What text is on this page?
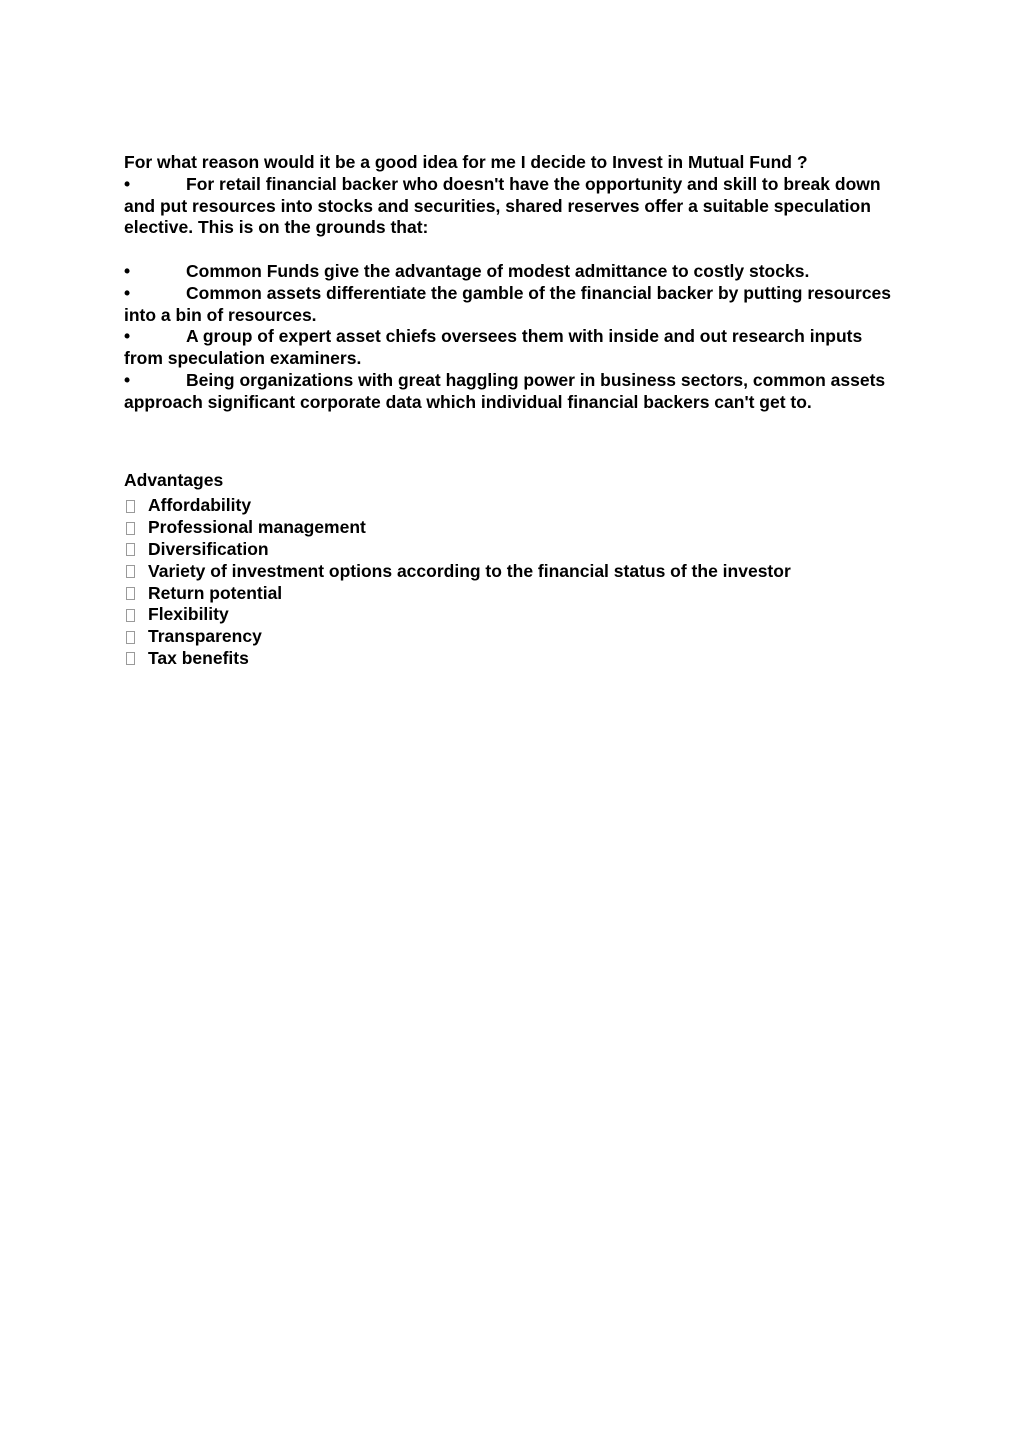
For what reason would it be a good idea for me I decide to Invest in Mutual Fund ?

•	For retail financial backer who doesn't have the opportunity and skill to break down and put resources into stocks and securities, shared reserves offer a suitable speculation elective. This is on the grounds that:

•	Common Funds give the advantage of modest admittance to costly stocks.

•	Common assets differentiate the gamble of the financial backer by putting resources into a bin of resources.

•	A group of expert asset chiefs oversees them with inside and out research inputs from speculation examiners.

•	Being organizations with great haggling power in business sectors, common assets approach significant corporate data which individual financial backers can't get to.

Advantages

Affordability
Professional management
Diversification
Variety of investment options according to the financial status of the investor
Return potential
Flexibility
Transparency
Tax benefits
